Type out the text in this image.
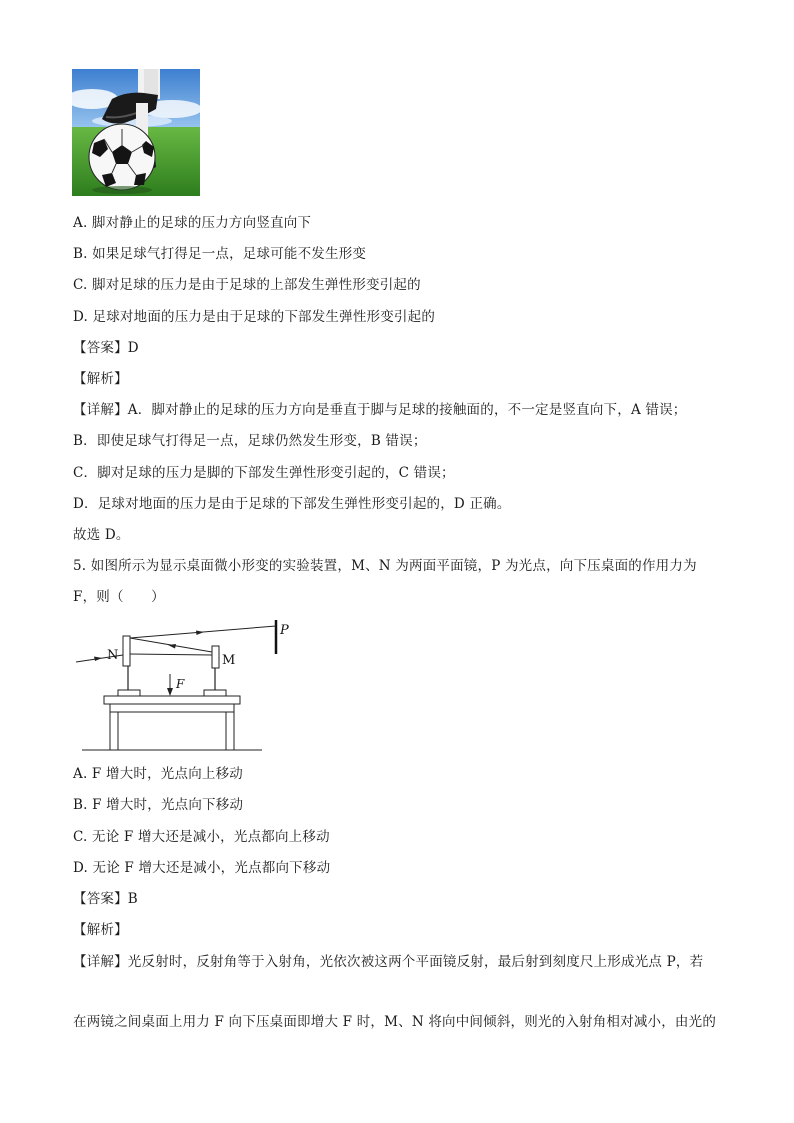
A. 脚对静止的足球的压力方向竖直向下
B. 如果足球气打得足一点，足球可能不发生形变
C. 脚对足球的压力是由于足球的上部发生弹性形变引起的
D. 足球对地面的压力是由于足球的下部发生弹性形变引起的
【答案】D
【解析】
【详解】A．脚对静止的足球的压力方向是垂直于脚与足球的接触面的，不一定是竖直向下，A 错误；
B．即使足球气打得足一点，足球仍然发生形变，B 错误；
C．脚对足球的压力是脚的下部发生弹性形变引起的，C 错误；
D．足球对地面的压力是由于足球的下部发生弹性形变引起的，D 正确。
故选 D。
5. 如图所示为显示桌面微小形变的实验装置，M、N 为两面平面镜，P 为光点，向下压桌面的作用力为
F，则（　　）
N	M
P
F
A. F 增大时，光点向上移动
B. F 增大时，光点向下移动
C. 无论 F 增大还是减小，光点都向上移动
D. 无论 F 增大还是减小，光点都向下移动
【答案】B
【解析】
【详解】光反射时，反射角等于入射角，光依次被这两个平面镜反射，最后射到刻度尺上形成光点 P，若
在两镜之间桌面上用力 F 向下压桌面即增大 F 时，M、N 将向中间倾斜，则光的入射角相对减小，由光的
